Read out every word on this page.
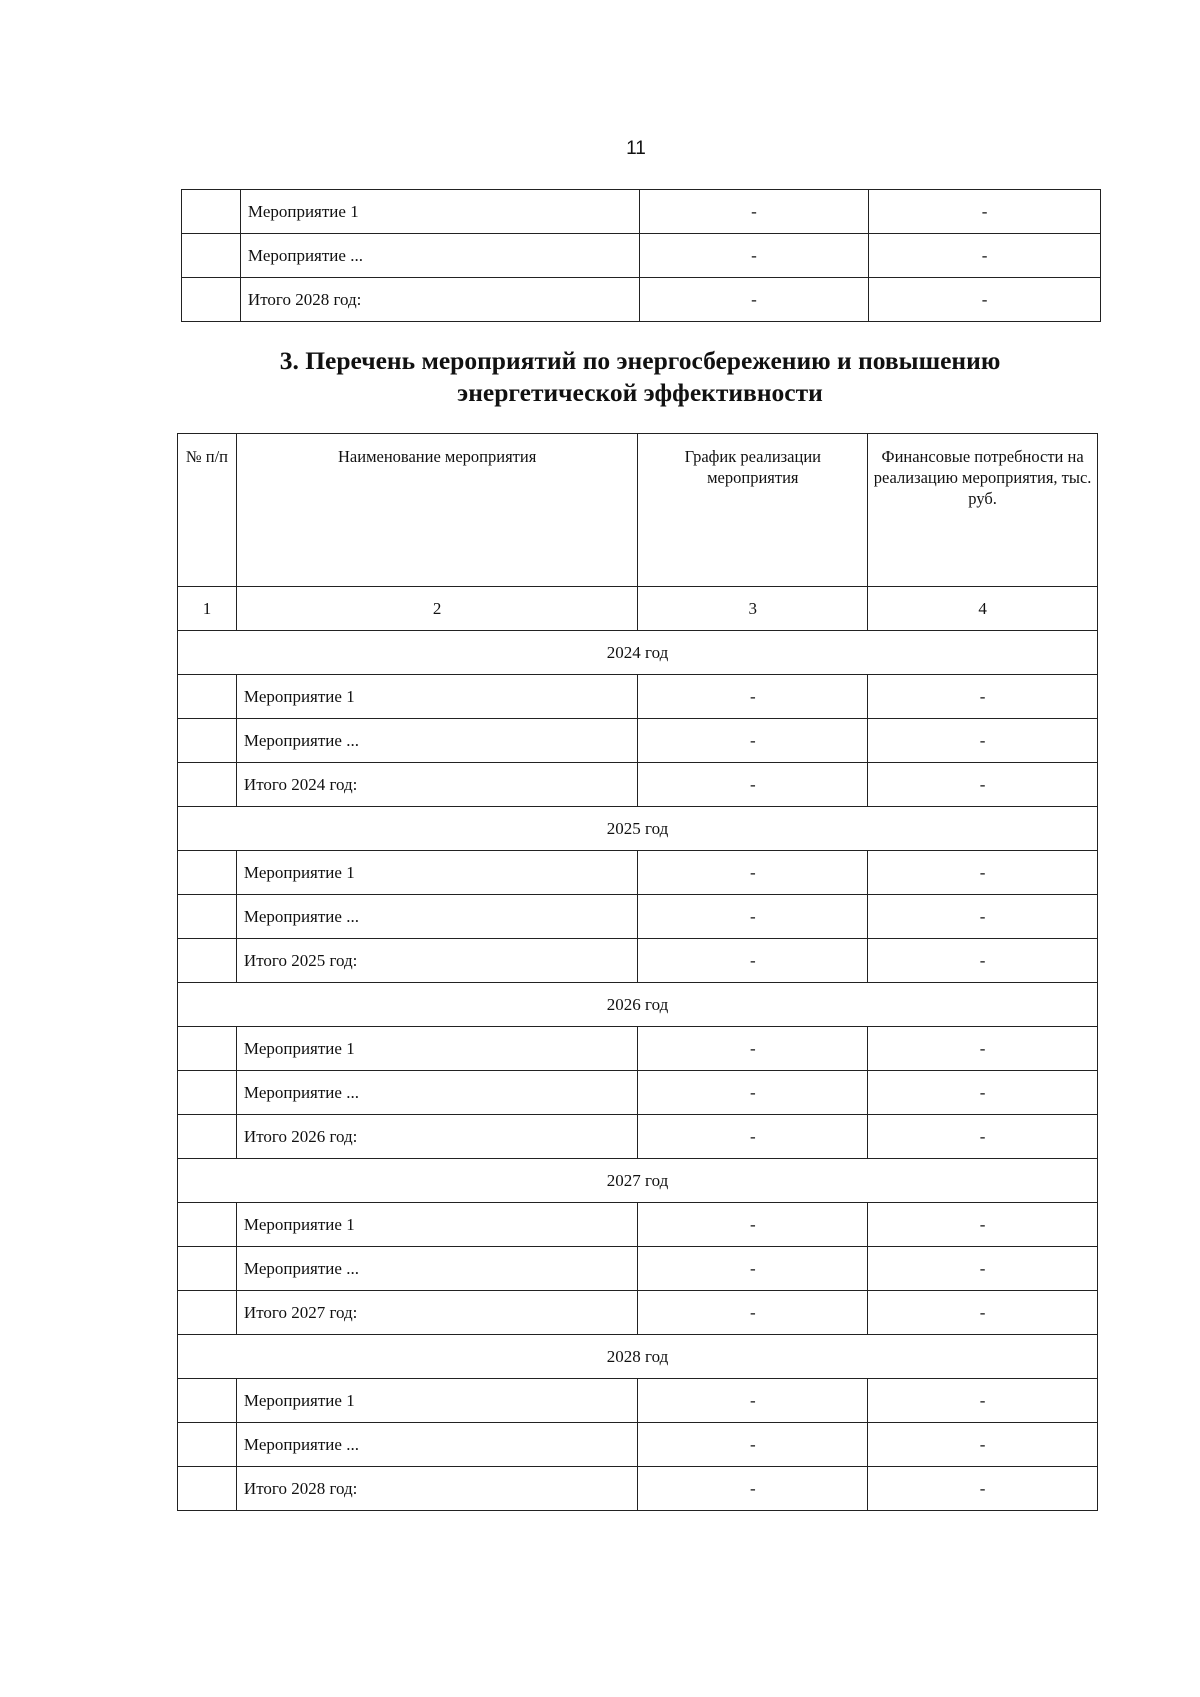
11
	Мероприятие 1	-	-
	Мероприятие ...	-	-
	Итого 2028 год:	-	-
3. Перечень мероприятий по энергосбережению и повышению
энергетической эффективности
№ п/п	Наименование мероприятия	График реализации мероприятия	Финансовые потребности на реализацию мероприятия, тыс. руб.
1	2	3	4
2024 год			
	Мероприятие 1	-	-
	Мероприятие ...	-	-
	Итого 2024 год:	-	-
2025 год			
	Мероприятие 1	-	-
	Мероприятие ...	-	-
	Итого 2025 год:	-	-
2026 год			
	Мероприятие 1	-	-
	Мероприятие ...	-	-
	Итого 2026 год:	-	-
2027 год			
	Мероприятие 1	-	-
	Мероприятие ...	-	-
	Итого 2027 год:	-	-
2028 год			
	Мероприятие 1	-	-
	Мероприятие ...	-	-
	Итого 2028 год:	-	-
